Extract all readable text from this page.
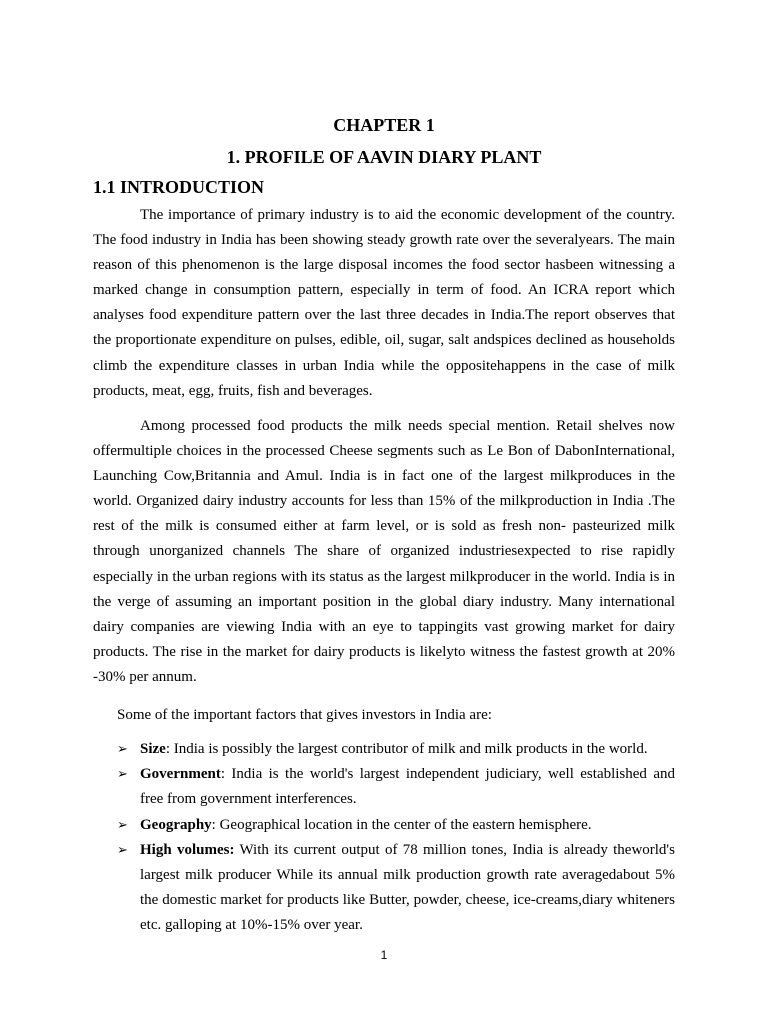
CHAPTER 1
1. PROFILE OF AAVIN DIARY PLANT
1.1 INTRODUCTION

The importance of primary industry is to aid the economic development of the country. The food industry in India has been showing steady growth rate over the severalyears. The main reason of this phenomenon is the large disposal incomes the food sector hasbeen witnessing a marked change in consumption pattern, especially in term of food. An ICRA report which analyses food expenditure pattern over the last three decades in India.The report observes that the proportionate expenditure on pulses, edible, oil, sugar, salt andspices declined as households climb the expenditure classes in urban India while the oppositehappens in the case of milk products, meat, egg, fruits, fish and beverages.

Among processed food products the milk needs special mention. Retail shelves now offermultiple choices in the processed Cheese segments such as Le Bon of DabonInternational, Launching Cow,Britannia and Amul. India is in fact one of the largest milkproduces in the world. Organized dairy industry accounts for less than 15% of the milkproduction in India .The rest of the milk is consumed either at farm level, or is sold as fresh non- pasteurized milk through unorganized channels The share of organized industriesexpected to rise rapidly especially in the urban regions with its status as the largest milkproducer in the world. India is in the verge of assuming an important position in the global diary industry. Many international dairy companies are viewing India with an eye to tappingits vast growing market for dairy products. The rise in the market for dairy products is likelyto witness the fastest growth at 20% -30% per annum.

Some of the important factors that gives investors in India are:

➢ Size: India is possibly the largest contributor of milk and milk products in the world.
➢ Government: India is the world's largest independent judiciary, well established and free from government interferences.
➢ Geography: Geographical location in the center of the eastern hemisphere.
➢ High volumes: With its current output of 78 million tones, India is already theworld's largest milk producer While its annual milk production growth rate averagedabout 5% the domestic market for products like Butter, powder, cheese, ice-creams,diary whiteners etc. galloping at 10%-15% over year.
1
